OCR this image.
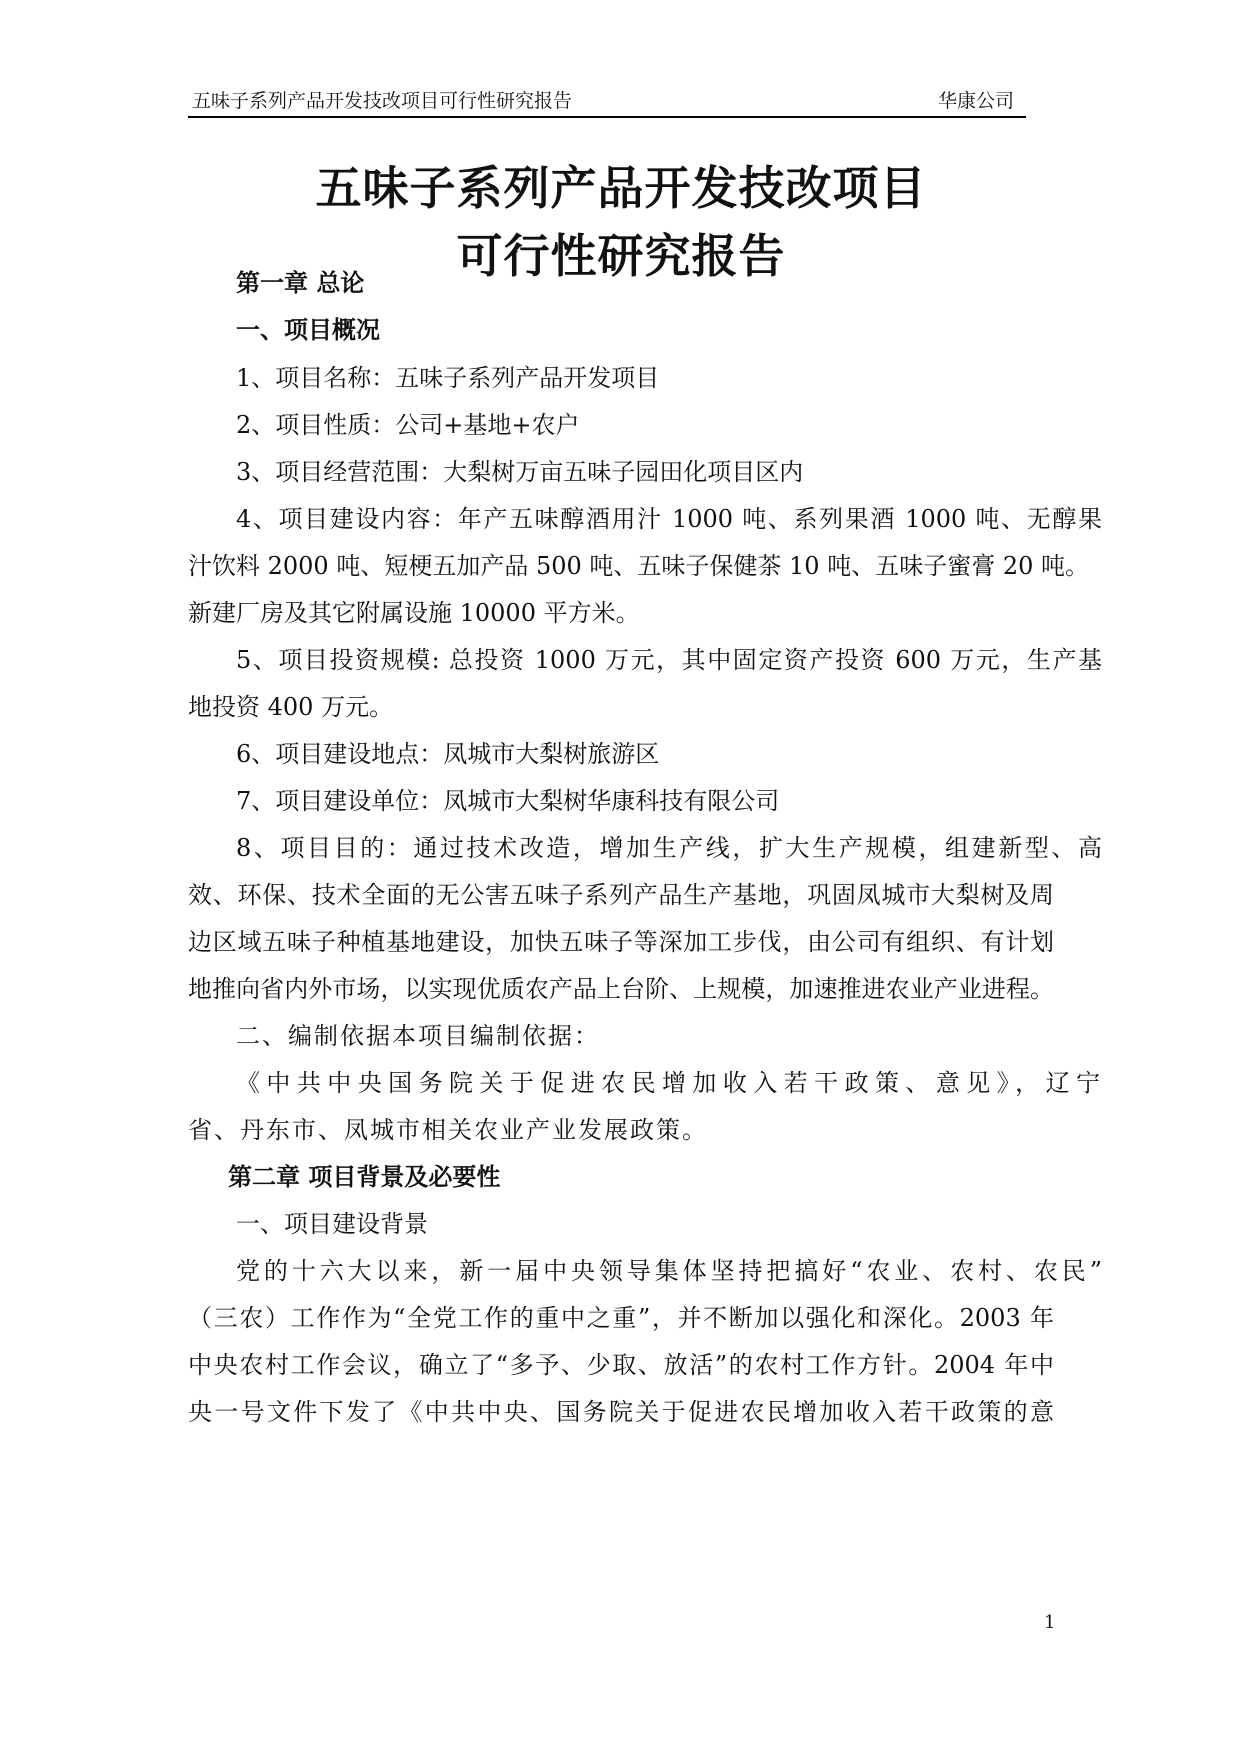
五味子系列产品开发技改项目可行性研究报告	华康公司
五味子系列产品开发技改项目
可行性研究报告
第一章 总论
一、项目概况
1、项目名称：五味子系列产品开发项目
2、项目性质：公司+基地+农户
3、项目经营范围：大梨树万亩五味子园田化项目区内
4、项目建设内容：年产五味醇酒用汁 1000 吨、系列果酒 1000 吨、无醇果
汁饮料 2000 吨、短梗五加产品 500 吨、五味子保健茶 10 吨、五味子蜜膏 20 吨。
新建厂房及其它附属设施 10000 平方米。
5、项目投资规模: 总投资 1000 万元，其中固定资产投资 600 万元，生产基
地投资 400 万元。
6、项目建设地点：凤城市大梨树旅游区
7、项目建设单位：凤城市大梨树华康科技有限公司
8、项目目的：通过技术改造，增加生产线，扩大生产规模，组建新型、高
效、环保、技术全面的无公害五味子系列产品生产基地，巩固凤城市大梨树及周
边区域五味子种植基地建设，加快五味子等深加工步伐，由公司有组织、有计划
地推向省内外市场，以实现优质农产品上台阶、上规模，加速推进农业产业进程。
二、编制依据本项目编制依据：
《中共中央国务院关于促进农民增加收入若干政策、意见》，辽宁
省、丹东市、凤城市相关农业产业发展政策。
第二章 项目背景及必要性
一、项目建设背景
党的十六大以来，新一届中央领导集体坚持把搞好“农业、农村、农民”
（三农）工作作为“全党工作的重中之重”，并不断加以强化和深化。2003 年
中央农村工作会议，确立了“多予、少取、放活”的农村工作方针。2004 年中
央一号文件下发了《中共中央、国务院关于促进农民增加收入若干政策的意
1
